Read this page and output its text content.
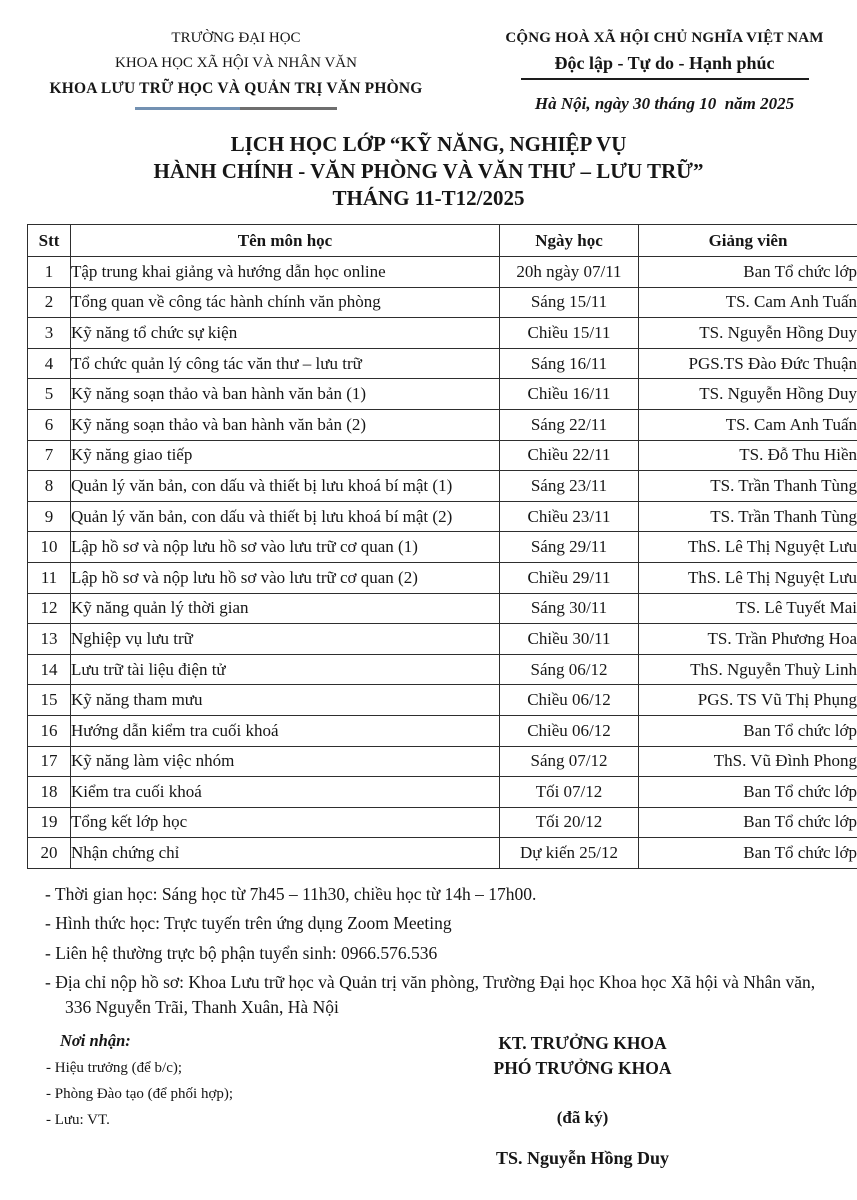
TRƯỜNG ĐẠI HỌC
KHOA HỌC XÃ HỘI VÀ NHÂN VĂN
KHOA LƯU TRỮ HỌC VÀ QUẢN TRỊ VĂN PHÒNG
CỘNG HOÀ XÃ HỘI CHỦ NGHĨA VIỆT NAM
Độc lập - Tự do - Hạnh phúc
Hà Nội, ngày 30 tháng 10  năm 2025
LỊCH HỌC LỚP “KỸ NĂNG, NGHIỆP VỤ
HÀNH CHÍNH - VĂN PHÒNG VÀ VĂN THƯ – LƯU TRỮ”
THÁNG 11-T12/2025
Stt	Tên môn học	Ngày học	Giảng viên
1	Tập trung khai giảng và hướng dẫn học online	20h ngày 07/11	Ban Tổ chức lớp
2	Tổng quan về công tác hành chính văn phòng	Sáng 15/11	TS. Cam Anh Tuấn
3	Kỹ năng tổ chức sự kiện	Chiều 15/11	TS. Nguyễn Hồng Duy
4	Tổ chức quản lý công tác văn thư – lưu trữ	Sáng 16/11	PGS.TS Đào Đức Thuận
5	Kỹ năng soạn thảo và ban hành văn bản (1)	Chiều 16/11	TS. Nguyễn Hồng Duy
6	Kỹ năng soạn thảo và ban hành văn bản (2)	Sáng 22/11	TS. Cam Anh Tuấn
7	Kỹ năng giao tiếp	Chiều 22/11	TS. Đỗ Thu Hiền
8	Quản lý văn bản, con dấu và thiết bị lưu khoá bí mật (1)	Sáng 23/11	TS. Trần Thanh Tùng
9	Quản lý văn bản, con dấu và thiết bị lưu khoá bí mật (2)	Chiều 23/11	TS. Trần Thanh Tùng
10	Lập hồ sơ và nộp lưu hồ sơ vào lưu trữ cơ quan (1)	Sáng 29/11	ThS. Lê Thị Nguyệt Lưu
11	Lập hồ sơ và nộp lưu hồ sơ vào lưu trữ cơ quan (2)	Chiều 29/11	ThS. Lê Thị Nguyệt Lưu
12	Kỹ năng quản lý thời gian	Sáng 30/11	TS. Lê Tuyết Mai
13	Nghiệp vụ lưu trữ	Chiều 30/11	TS. Trần Phương Hoa
14	Lưu trữ tài liệu điện tử	Sáng 06/12	ThS. Nguyễn Thuỳ Linh
15	Kỹ năng tham mưu	Chiều 06/12	PGS. TS Vũ Thị Phụng
16	Hướng dẫn kiểm tra cuối khoá	Chiều 06/12	Ban Tổ chức lớp
17	Kỹ năng làm việc nhóm	Sáng 07/12	ThS. Vũ Đình Phong
18	Kiểm tra cuối khoá	Tối 07/12	Ban Tổ chức lớp
19	Tổng kết lớp học	Tối 20/12	Ban Tổ chức lớp
20	Nhận chứng chỉ	Dự kiến 25/12	Ban Tổ chức lớp
- Thời gian học: Sáng học từ 7h45 – 11h30, chiều học từ 14h – 17h00.
- Hình thức học: Trực tuyến trên ứng dụng Zoom Meeting
- Liên hệ thường trực bộ phận tuyển sinh: 0966.576.536
- Địa chỉ nộp hồ sơ: Khoa Lưu trữ học và Quản trị văn phòng, Trường Đại học Khoa học Xã hội và Nhân văn, 336 Nguyễn Trãi, Thanh Xuân, Hà Nội
Nơi nhận:
- Hiệu trưởng (để b/c);
- Phòng Đào tạo (để phối hợp);
- Lưu: VT.
KT. TRƯỞNG KHOA
PHÓ TRƯỞNG KHOA
(đã ký)
TS. Nguyễn Hồng Duy
